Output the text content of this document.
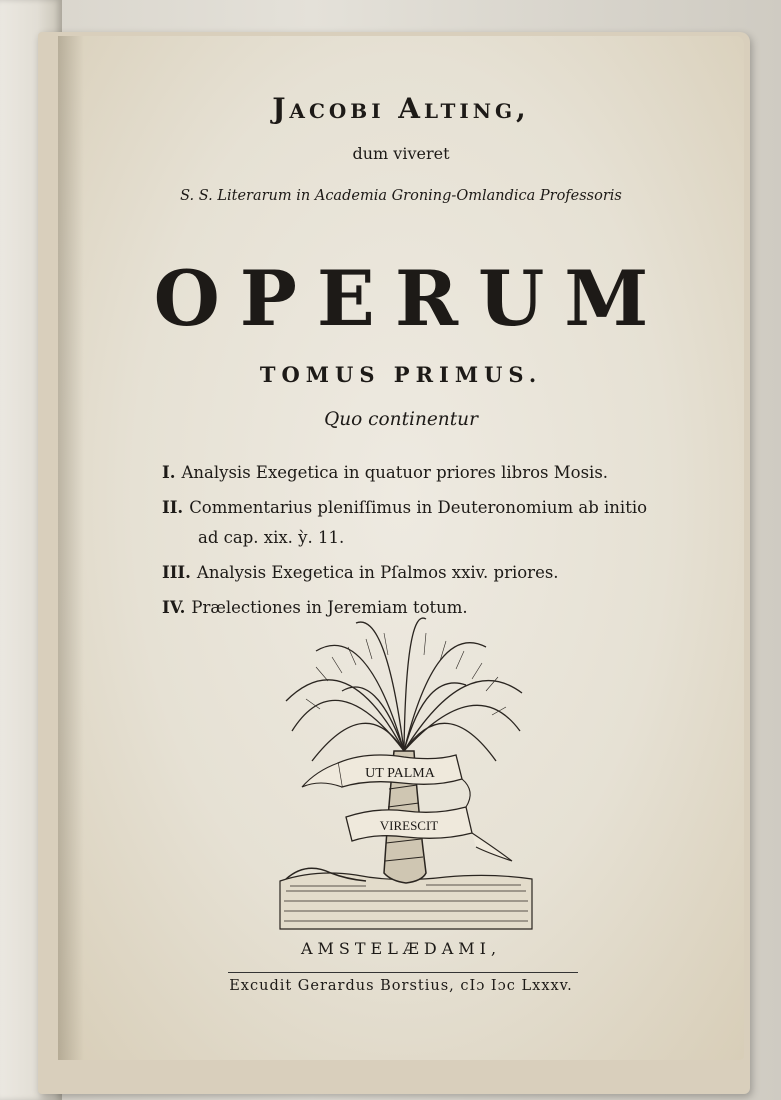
Jacobi Alting,
dum viveret
S. S. Literarum in Academia Groning-Omlandica Professoris
OPERUM
TOMUS PRIMUS.
Quo continentur
I. Analysis Exegetica in quatuor priores libros Mosis.
II. Commentarius pleniſſimus in Deuteronomium ab initio
ad cap. xix. ỳ. 11.
III. Analysis Exegetica in Pſalmos xxiv. priores.
IV. Prælectiones in Jeremiam totum.
UT PALMA
VIRESCIT
AMSTELÆDAMI,
Excudit Gerardus Borstius, cIɔ Iɔc Lxxxv.
